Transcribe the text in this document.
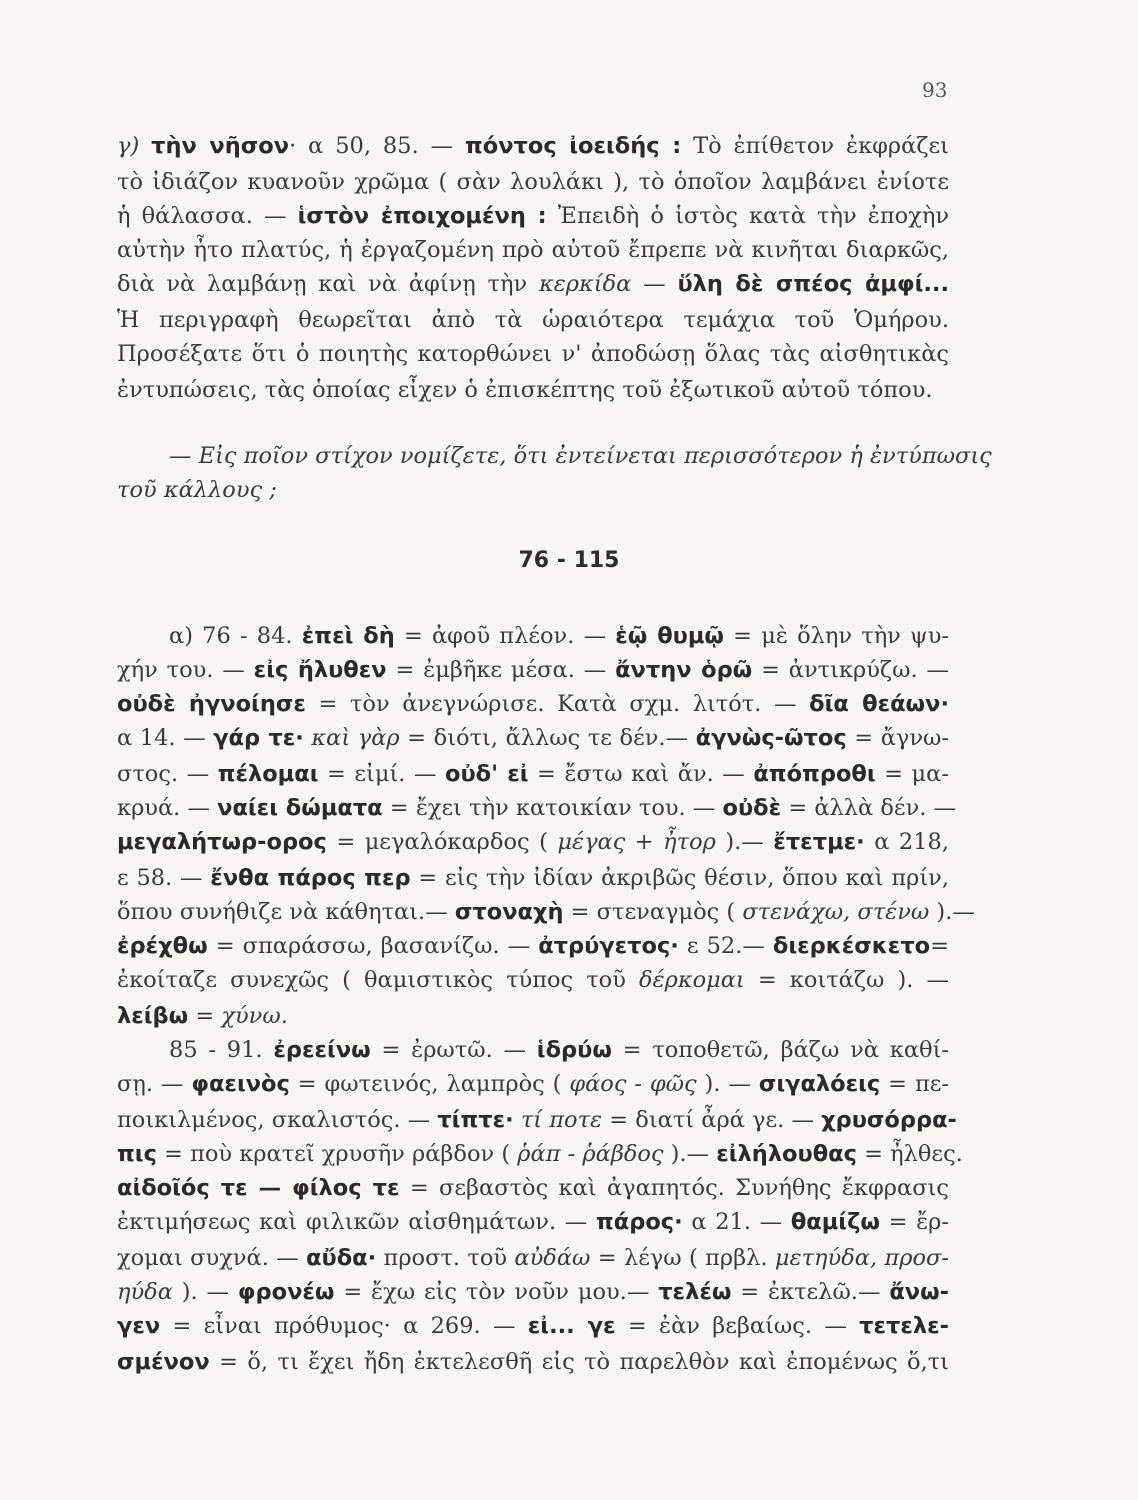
93
γ) τὴν νῆσον· α 50, 85. — πόντος ἰοειδής : Τὸ ἐπίθετον ἐκφράζει
τὸ ἰδιάζον κυανοῦν χρῶμα ( σὰν λουλάκι ), τὸ ὁποῖον λαμβάνει ἐνίοτε
ἡ θάλασσα. — ἱστὸν ἐποιχομένη : Ἐπειδὴ ὁ ἱστὸς κατὰ τὴν ἐποχὴν
αὐτὴν ἦτο πλατύς, ἡ ἐργαζομένη πρὸ αὐτοῦ ἔπρεπε νὰ κινῆται διαρκῶς,
διὰ νὰ λαμβάνῃ καὶ νὰ ἀφίνῃ τὴν κερκίδα — ὕλη δὲ σπέος ἀμφί...
Ἡ περιγραφὴ θεωρεῖται ἀπὸ τὰ ὡραιότερα τεμάχια τοῦ Ὁμήρου.
Προσέξατε ὅτι ὁ ποιητὴς κατορθώνει ν' ἀποδώσῃ ὅλας τὰς αἰσθητικὰς
ἐντυπώσεις, τὰς ὁποίας εἶχεν ὁ ἐπισκέπτης τοῦ ἐξωτικοῦ αὐτοῦ τόπου.
— Εἰς ποῖον στίχον νομίζετε, ὅτι ἐντείνεται περισσότερον ἡ ἐντύπωσις
τοῦ κάλλους ;
76 - 115
α) 76 - 84. ἐπεὶ δὴ = ἀφοῦ πλέον. — ἑῷ θυμῷ = μὲ ὅλην τὴν ψυ-
χήν του. — εἰς ἤλυθεν = ἐμβῆκε μέσα. — ἄντην ὁρῶ = ἀντικρύζω. —
οὐδὲ ἠγνοίησε = τὸν ἀνεγνώρισε. Κατὰ σχμ. λιτότ. — δῖα θεάων·
α 14. — γάρ τε· καὶ γὰρ = διότι, ἄλλως τε δέν.— ἀγνὼς-ῶτος = ἄγνω-
στος. — πέλομαι = εἰμί. — οὐδ' εἰ = ἔστω καὶ ἄν. — ἀπόπροθι = μα-
κρυά. — ναίει δώματα = ἔχει τὴν κατοικίαν του. — οὐδὲ = ἀλλὰ δέν. —
μεγαλήτωρ-ορος = μεγαλόκαρδος ( μέγας + ἦτορ ).— ἔτετμε· α 218,
ε 58. — ἔνθα πάρος περ = εἰς τὴν ἰδίαν ἀκριβῶς θέσιν, ὅπου καὶ πρίν,
ὅπου συνήθιζε νὰ κάθηται.— στοναχὴ = στεναγμὸς ( στενάχω, στένω ).—
ἐρέχθω = σπαράσσω, βασανίζω. — ἀτρύγετος· ε 52.— διερκέσκετο=
ἐκοίταζε συνεχῶς ( θαμιστικὸς τύπος τοῦ δέρκομαι = κοιτάζω ). —
λείβω = χύνω.
85 - 91. ἐρεείνω = ἐρωτῶ. — ἱδρύω = τοποθετῶ, βάζω νὰ καθί-
σῃ. — φαεινὸς = φωτεινός, λαμπρὸς ( φάος - φῶς ). — σιγαλόεις = πε-
ποικιλμένος, σκαλιστός. — τίπτε· τί ποτε = διατί ἆρά γε. — χρυσόρρα-
πις = ποὺ κρατεῖ χρυσῆν ράβδον ( ῥάπ - ῥάβδος ).— εἰλήλουθας = ἦλθες.
αἰδοῖός τε — φίλος τε = σεβαστὸς καὶ ἀγαπητός. Συνήθης ἔκφρασις
ἐκτιμήσεως καὶ φιλικῶν αἰσθημάτων. — πάρος· α 21. — θαμίζω = ἔρ-
χομαι συχνά. — αὔδα· προστ. τοῦ αὐδάω = λέγω ( πρβλ. μετηύδα, προσ-
ηύδα ). — φρονέω = ἔχω εἰς τὸν νοῦν μου.— τελέω = ἐκτελῶ.— ἄνω-
γεν = εἶναι πρόθυμος· α 269. — εἰ... γε = ἐὰν βεβαίως. — τετελε-
σμένον = ὅ, τι ἔχει ἤδη ἐκτελεσθῆ εἰς τὸ παρελθὸν καὶ ἐπομένως ὅ,τι
